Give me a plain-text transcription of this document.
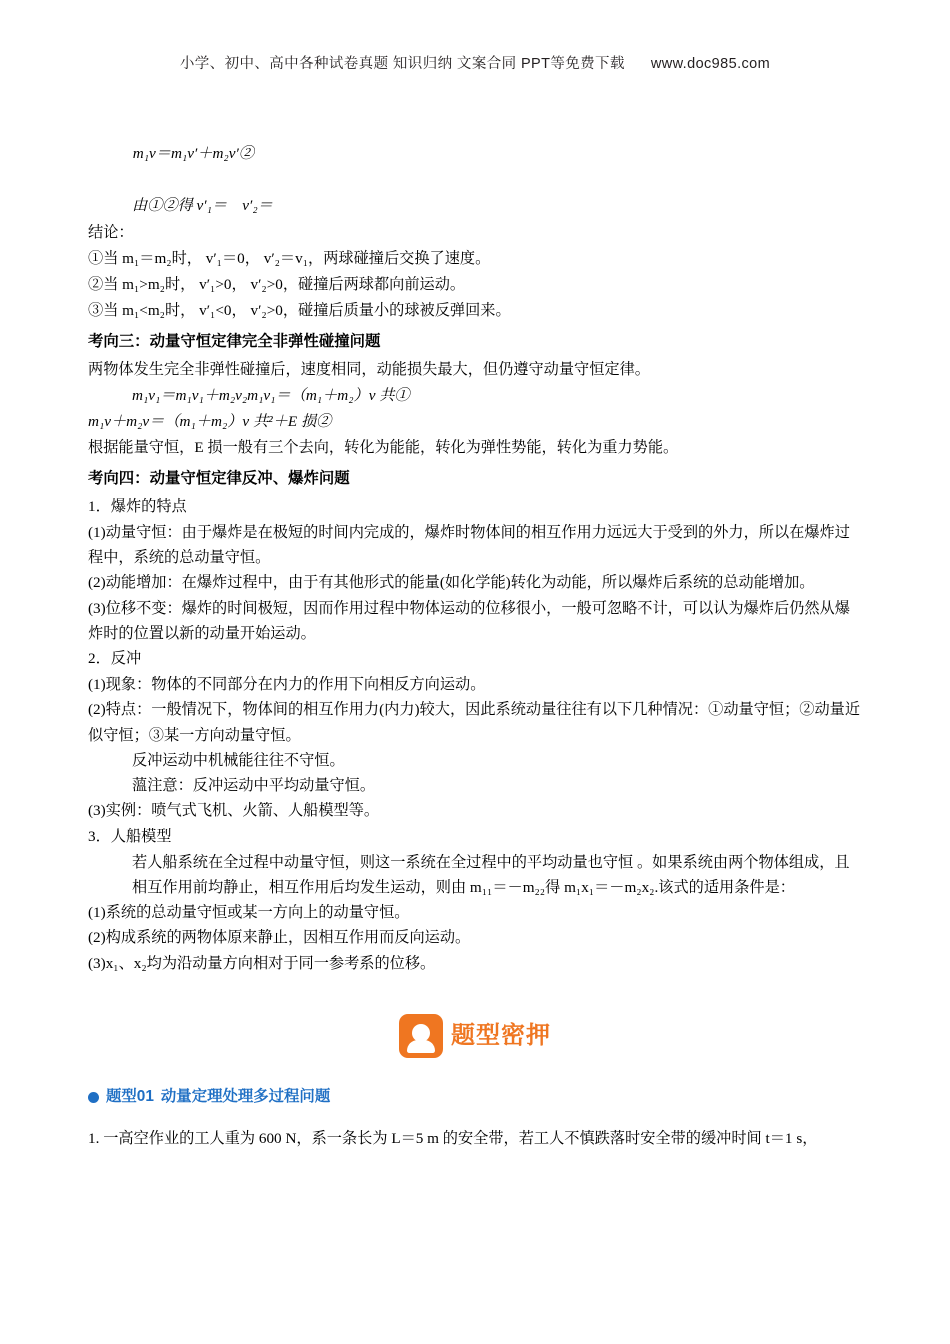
小学、初中、高中各种试卷真题 知识归纳 文案合同 PPT等免费下载 www.doc985.com

m₁v＝m₁v′＋m₂v′②

由①②得 v′₁＝    v′₂＝

结论：

①当 m₁＝m₂时， v′₁＝0， v′₂＝v₁，两球碰撞后交换了速度。

②当 m₁>m₂时， v′₁>0， v′₂>0，碰撞后两球都向前运动。

③当 m₁<m₂时， v′₁<0， v′₂>0，碰撞后质量小的球被反弹回来。

考向三：动量守恒定律完全非弹性碰撞问题

两物体发生完全非弹性碰撞后，速度相同，动能损失最大，但仍遵守动量守恒定律。

m₁v₁＝m₁v₁＋m₂v₂m₁v₁＝（m₁＋m₂）v 共①

m₁v＋m₂v＝（m₁＋m₂）v 共²＋E 损②

根据能量守恒，E 损一般有三个去向，转化为能能，转化为弹性势能，转化为重力势能。

考向四：动量守恒定律反冲、爆炸问题

1．爆炸的特点

(1)动量守恒：由于爆炸是在极短的时间内完成的，爆炸时物体间的相互作用力远远大于受到的外力，所以在爆炸过程中，系统的总动量守恒。

(2)动能增加：在爆炸过程中，由于有其他形式的能量(如化学能)转化为动能，所以爆炸后系统的总动能增加。

(3)位移不变：爆炸的时间极短，因而作用过程中物体运动的位移很小，一般可忽略不计，可以认为爆炸后仍然从爆炸时的位置以新的动量开始运动。

2．反冲

(1)现象：物体的不同部分在内力的作用下向相反方向运动。

(2)特点：一般情况下，物体间的相互作用力(内力)较大，因此系统动量往往有以下几种情况：①动量守恒；②动量近似守恒；③某一方向动量守恒。

反冲运动中机械能往往不守恒。

薀注意：反冲运动中平均动量守恒。

(3)实例：喷气式飞机、火箭、人船模型等。

3．人船模型

若人船系统在全过程中动量守恒，则这一系统在全过程中的平均动量也守恒 。如果系统由两个物体组成，且相互作用前均静止，相互作用后均发生运动，则由 m₁₁＝－m₂₂得 m₁x₁＝－m₂x₂.该式的适用条件是：

(1)系统的总动量守恒或某一方向上的动量守恒。

(2)构成系统的两物体原来静止，因相互作用而反向运动。

(3)x₁、x₂均为沿动量方向相对于同一参考系的位移。

题型密押
题型01 动量定理处理多过程问题

1. 一高空作业的工人重为 600 N，系一条长为 L＝5 m 的安全带，若工人不慎跌落时安全带的缓冲时间 t＝1 s，
